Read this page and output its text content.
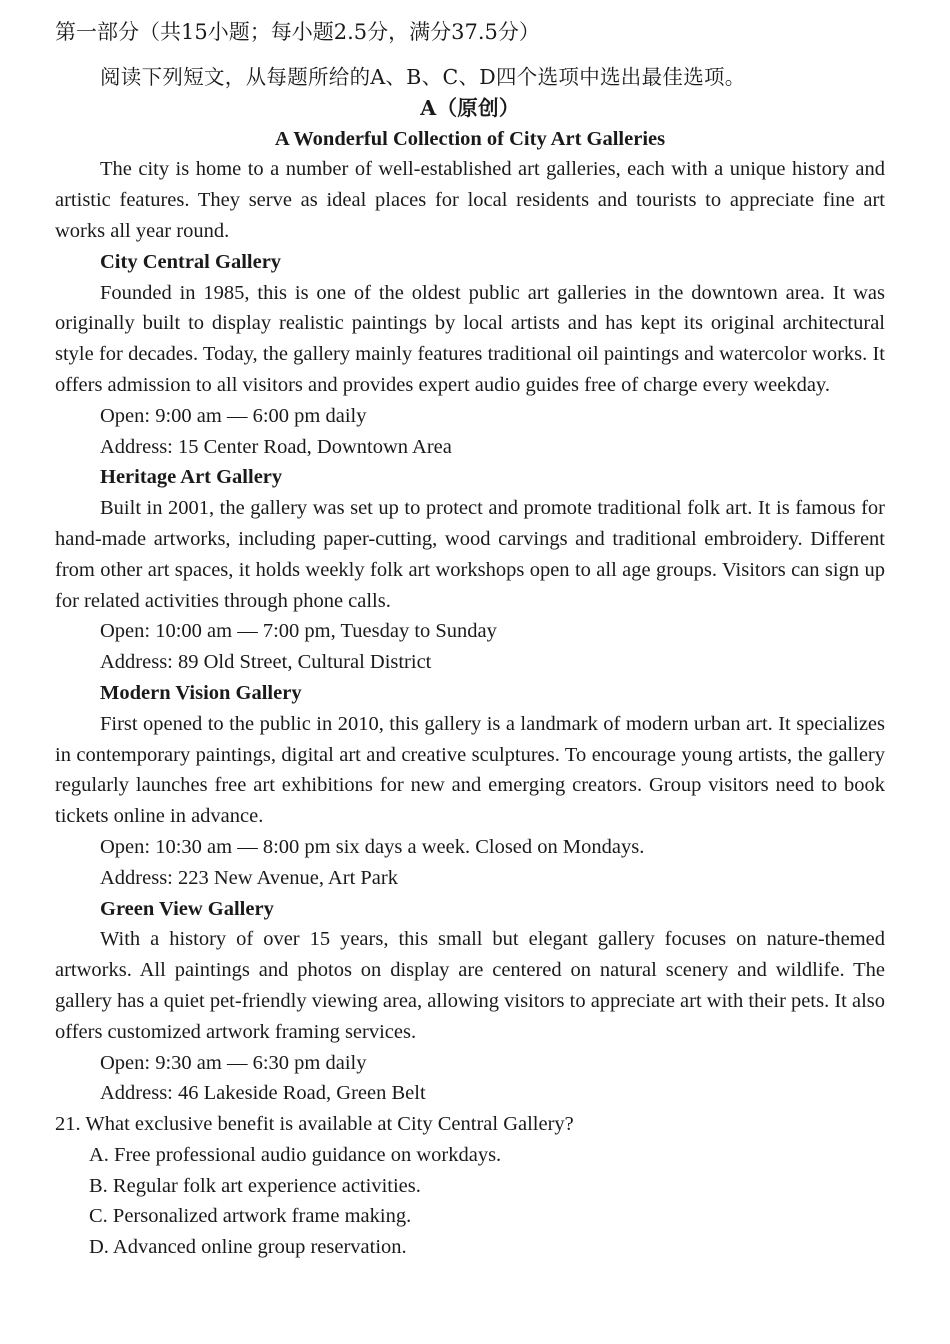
第一部分（共15小题；每小题2.5分，满分37.5分）
阅读下列短文，从每题所给的A、B、C、D四个选项中选出最佳选项。
A（原创）
A Wonderful Collection of City Art Galleries

The city is home to a number of well-established art galleries, each with a unique history and artistic features. They serve as ideal places for local residents and tourists to appreciate fine art works all year round.

City Central Gallery

Founded in 1985, this is one of the oldest public art galleries in the downtown area. It was originally built to display realistic paintings by local artists and has kept its original architectural style for decades. Today, the gallery mainly features traditional oil paintings and watercolor works. It offers admission to all visitors and provides expert audio guides free of charge every weekday.

Open: 9:00 am — 6:00 pm daily
Address: 15 Center Road, Downtown Area
Heritage Art Gallery

Built in 2001, the gallery was set up to protect and promote traditional folk art. It is famous for hand-made artworks, including paper-cutting, wood carvings and traditional embroidery. Different from other art spaces, it holds weekly folk art workshops open to all age groups. Visitors can sign up for related activities through phone calls.

Open: 10:00 am — 7:00 pm, Tuesday to Sunday
Address: 89 Old Street, Cultural District
Modern Vision Gallery

First opened to the public in 2010, this gallery is a landmark of modern urban art. It specializes in contemporary paintings, digital art and creative sculptures. To encourage young artists, the gallery regularly launches free art exhibitions for new and emerging creators. Group visitors need to book tickets online in advance.

Open: 10:30 am — 8:00 pm six days a week. Closed on Mondays.
Address: 223 New Avenue, Art Park
Green View Gallery

With a history of over 15 years, this small but elegant gallery focuses on nature-themed artworks. All paintings and photos on display are centered on natural scenery and wildlife. The gallery has a quiet pet-friendly viewing area, allowing visitors to appreciate art with their pets. It also offers customized artwork framing services.

Open: 9:30 am — 6:30 pm daily
Address: 46 Lakeside Road, Green Belt
21. What exclusive benefit is available at City Central Gallery?
A. Free professional audio guidance on workdays.
B. Regular folk art experience activities.
C. Personalized artwork frame making.
D. Advanced online group reservation.
